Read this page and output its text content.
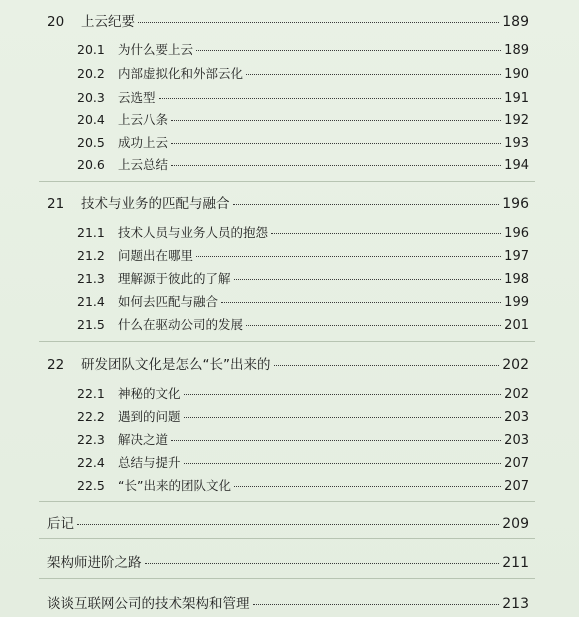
20	上云纪要	189
20.1	为什么要上云	189
20.2	内部虚拟化和外部云化	190
20.3	云选型	191
20.4	上云八条	192
20.5	成功上云	193
20.6	上云总结	194
21	技术与业务的匹配与融合	196
21.1	技术人员与业务人员的抱怨	196
21.2	问题出在哪里	197
21.3	理解源于彼此的了解	198
21.4	如何去匹配与融合	199
21.5	什么在驱动公司的发展	201
22	研发团队文化是怎么“长”出来的	202
22.1	神秘的文化	202
22.2	遇到的问题	203
22.3	解决之道	203
22.4	总结与提升	207
22.5	“长”出来的团队文化	207
后记	209
架构师进阶之路	211
谈谈互联网公司的技术架构和管理	213
